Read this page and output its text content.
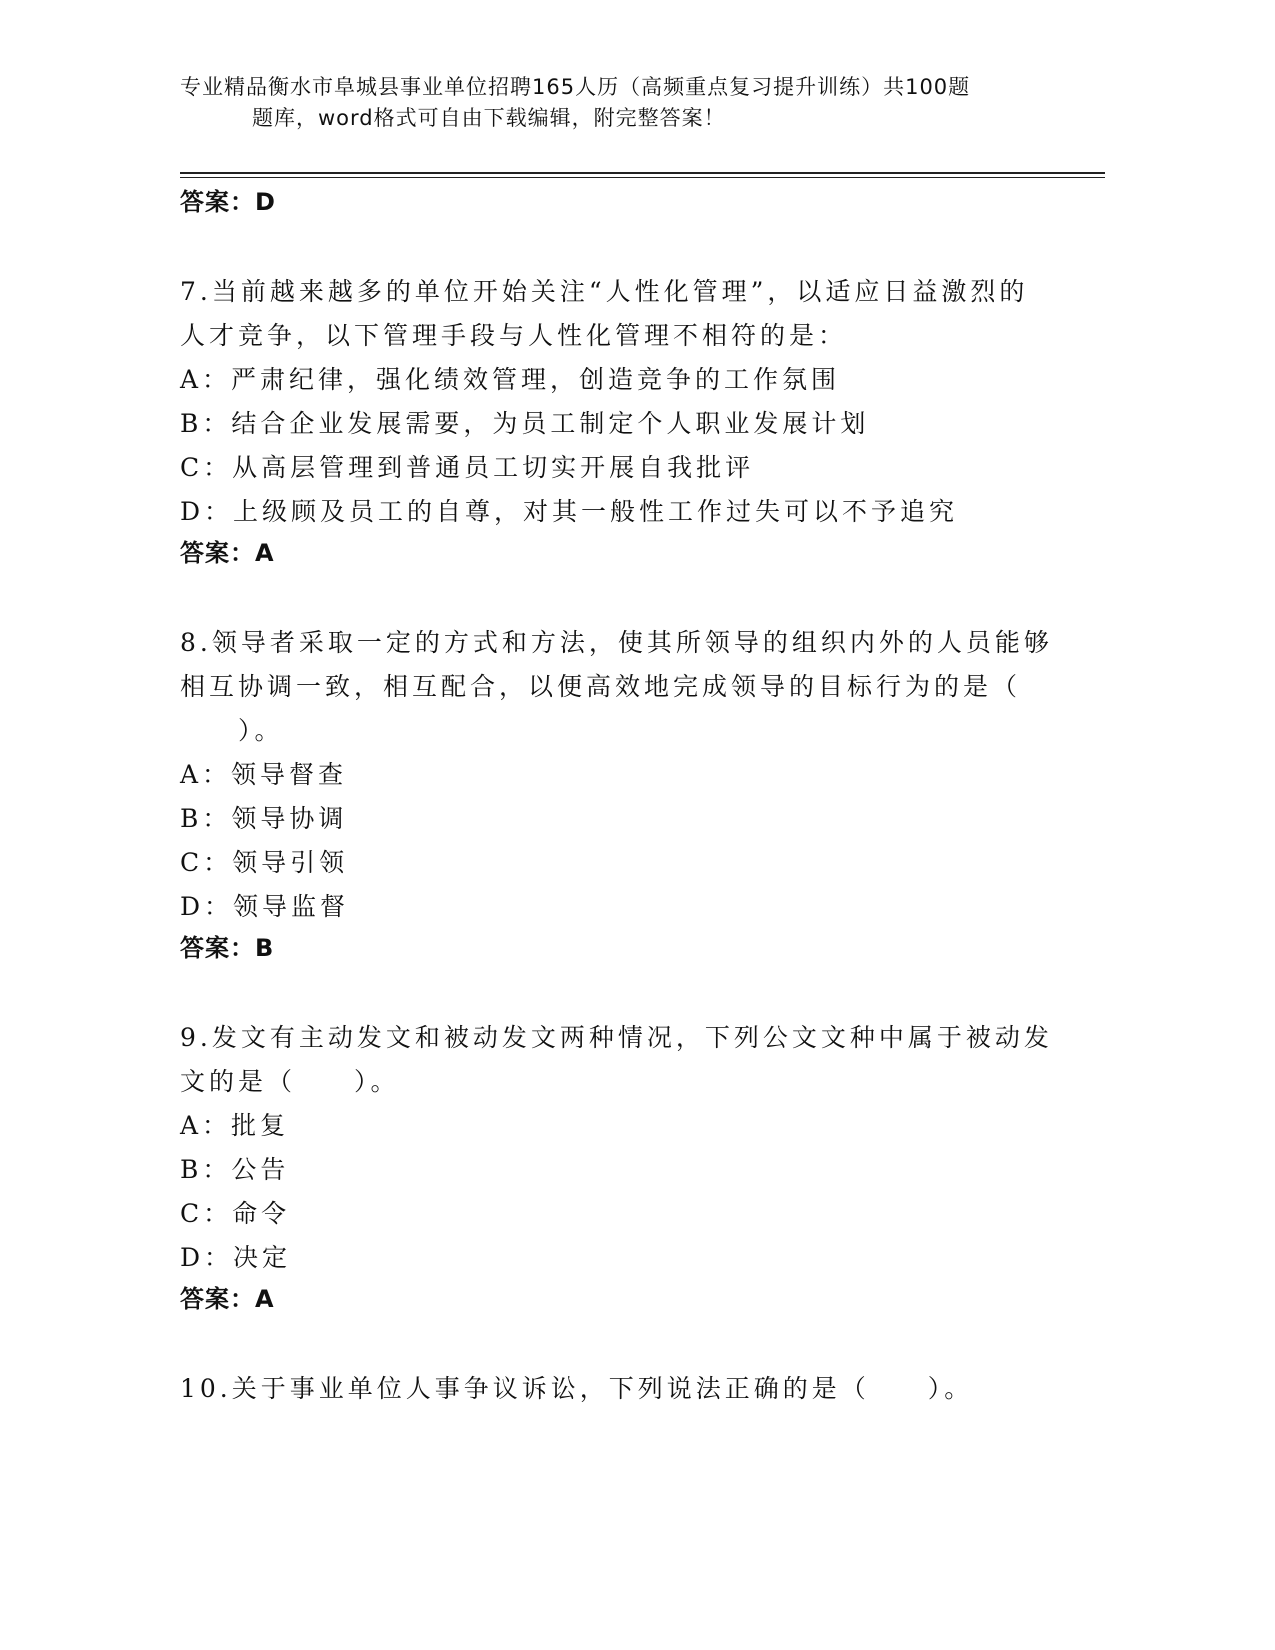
专业精品衡水市阜城县事业单位招聘165人历（高频重点复习提升训练）共100题
题库，word格式可自由下载编辑，附完整答案！

答案：D

7.当前越来越多的单位开始关注“人性化管理”，以适应日益激烈的

人才竞争，以下管理手段与人性化管理不相符的是：

A：严肃纪律，强化绩效管理，创造竞争的工作氛围

B：结合企业发展需要，为员工制定个人职业发展计划

C：从高层管理到普通员工切实开展自我批评

D：上级顾及员工的自尊，对其一般性工作过失可以不予追究

答案：A

8.领导者采取一定的方式和方法，使其所领导的组织内外的人员能够

相互协调一致，相互配合，以便高效地完成领导的目标行为的是（

　　）。

A：领导督查

B：领导协调

C：领导引领

D：领导监督

答案：B

9.发文有主动发文和被动发文两种情况，下列公文文种中属于被动发

文的是（　　）。

A：批复

B：公告

C：命令

D：决定

答案：A

10.关于事业单位人事争议诉讼，下列说法正确的是（　　）。
